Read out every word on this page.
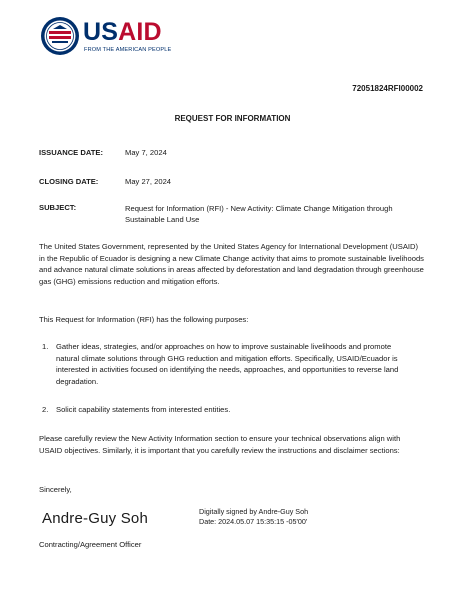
USAID
FROM THE AMERICAN PEOPLE
72051824RFI00002
REQUEST FOR INFORMATION
ISSUANCE DATE:	May 7, 2024
CLOSING DATE:	May 27, 2024
SUBJECT:	Request for Information (RFI) - New Activity: Climate Change Mitigation through Sustainable Land Use

The United States Government, represented by the United States Agency for International Development (USAID) in the Republic of Ecuador is designing a new Climate Change activity that aims to promote sustainable livelihoods and advance natural climate solutions in areas affected by deforestation and land degradation through greenhouse gas (GHG) emissions reduction and mitigation efforts.

This Request for Information (RFI) has the following purposes:

1. Gather ideas, strategies, and/or approaches on how to improve sustainable livelihoods and promote natural climate solutions through GHG reduction and mitigation efforts. Specifically, USAID/Ecuador is interested in activities focused on identifying the needs, approaches, and opportunities to reverse land degradation.
2. Solicit capability statements from interested entities.

Please carefully review the New Activity Information section to ensure your technical observations align with USAID objectives. Similarly, it is important that you carefully review the instructions and disclaimer sections:

Sincerely,

Andre-Guy Soh	Digitally signed by Andre-Guy Soh
Date: 2024.05.07 15:35:15 -05'00'
Contracting/Agreement Officer
